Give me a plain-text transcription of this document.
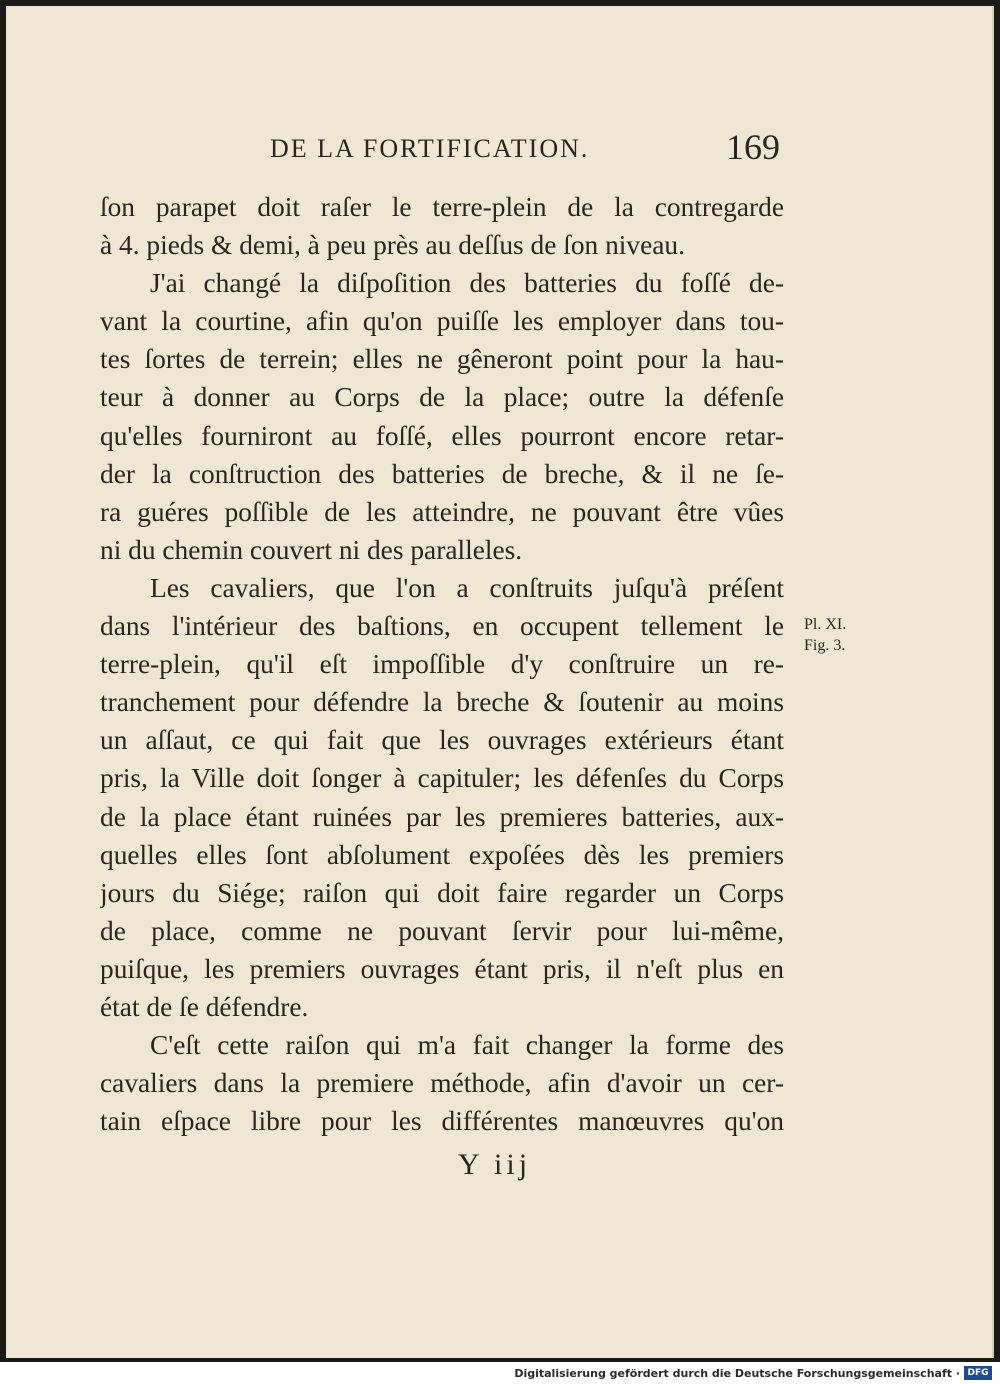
DE LA FORTIFICATION.	169
ſon parapet doit raſer le terre-plein de la contregarde
à 4. pieds & demi, à peu près au deſſus de ſon niveau.
J'ai changé la diſpoſition des batteries du foſſé de-
vant la courtine, afin qu'on puiſſe les employer dans tou-
tes ſortes de terrein; elles ne gêneront point pour la hau-
teur à donner au Corps de la place; outre la défenſe
qu'elles fourniront au foſſé, elles pourront encore retar-
der la conſtruction des batteries de breche, & il ne ſe-
ra guéres poſſible de les atteindre, ne pouvant être vûes
ni du chemin couvert ni des paralleles.
Les cavaliers, que l'on a conſtruits juſqu'à préſent
dans l'intérieur des baſtions, en occupent tellement le
terre-plein, qu'il eſt impoſſible d'y conſtruire un re-
tranchement pour défendre la breche & ſoutenir au moins
un aſſaut, ce qui fait que les ouvrages extérieurs étant
pris, la Ville doit ſonger à capituler; les défenſes du Corps
de la place étant ruinées par les premieres batteries, aux-
quelles elles ſont abſolument expoſées dès les premiers
jours du Siége; raiſon qui doit faire regarder un Corps
de place, comme ne pouvant ſervir pour lui-même,
puiſque, les premiers ouvrages étant pris, il n'eſt plus en
état de ſe défendre.
C'eſt cette raiſon qui m'a fait changer la forme des
cavaliers dans la premiere méthode, afin d'avoir un cer-
tain eſpace libre pour les différentes manœuvres qu'on
Pl. XI.
Fig. 3.
Y iij
Digitalisierung gefördert durch die Deutsche Forschungsgemeinschaft · DFG
